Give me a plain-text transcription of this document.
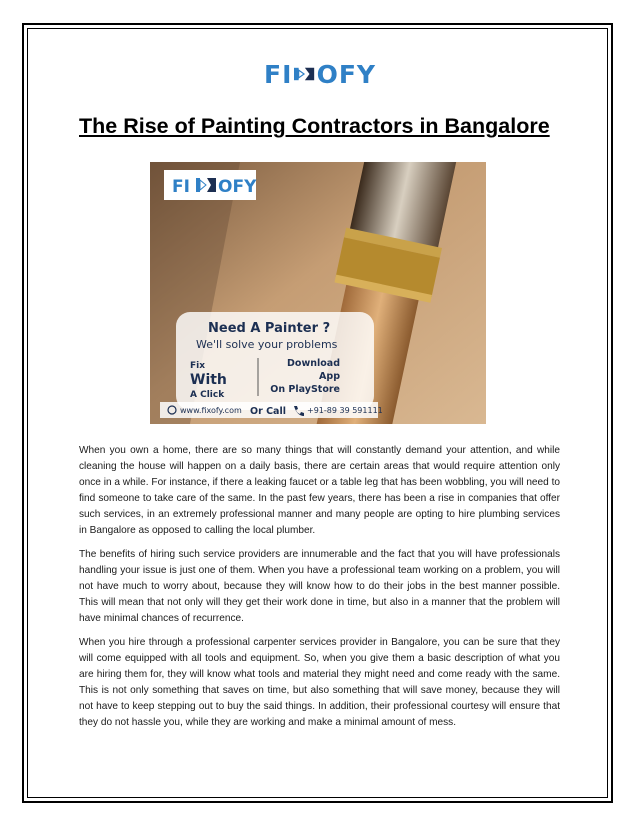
FI OFY
The Rise of Painting Contractors in Bangalore
FI OFY
Need A Painter ?
We'll solve your problems
Fix
With
A Click
Download
App
On PlayStore
www.fixofy.com Or Call	+91-89 39 591111

When you own a home, there are so many things that will constantly demand your attention, and while cleaning the house will happen on a daily basis, there are certain areas that would require attention only once in a while. For instance, if there a leaking faucet or a table leg that has been wobbling, you will need to find someone to take care of the same. In the past few years, there has been a rise in companies that offer such services, in an extremely professional manner and many people are opting to hire plumbing services in Bangalore as opposed to calling the local plumber.

The benefits of hiring such service providers are innumerable and the fact that you will have professionals handling your issue is just one of them. When you have a professional team working on a problem, you will not have much to worry about, because they will know how to do their jobs in the best manner possible. This will mean that not only will they get their work done in time, but also in a manner that the problem will have minimal chances of recurrence.

When you hire through a professional carpenter services provider in Bangalore, you can be sure that they will come equipped with all tools and equipment. So, when you give them a basic description of what you are hiring them for, they will know what tools and material they might need and come ready with the same. This is not only something that saves on time, but also something that will save money, because they will not have to keep stepping out to buy the said things. In addition, their professional courtesy will ensure that they do not hassle you, while they are working and make a minimal amount of mess.
